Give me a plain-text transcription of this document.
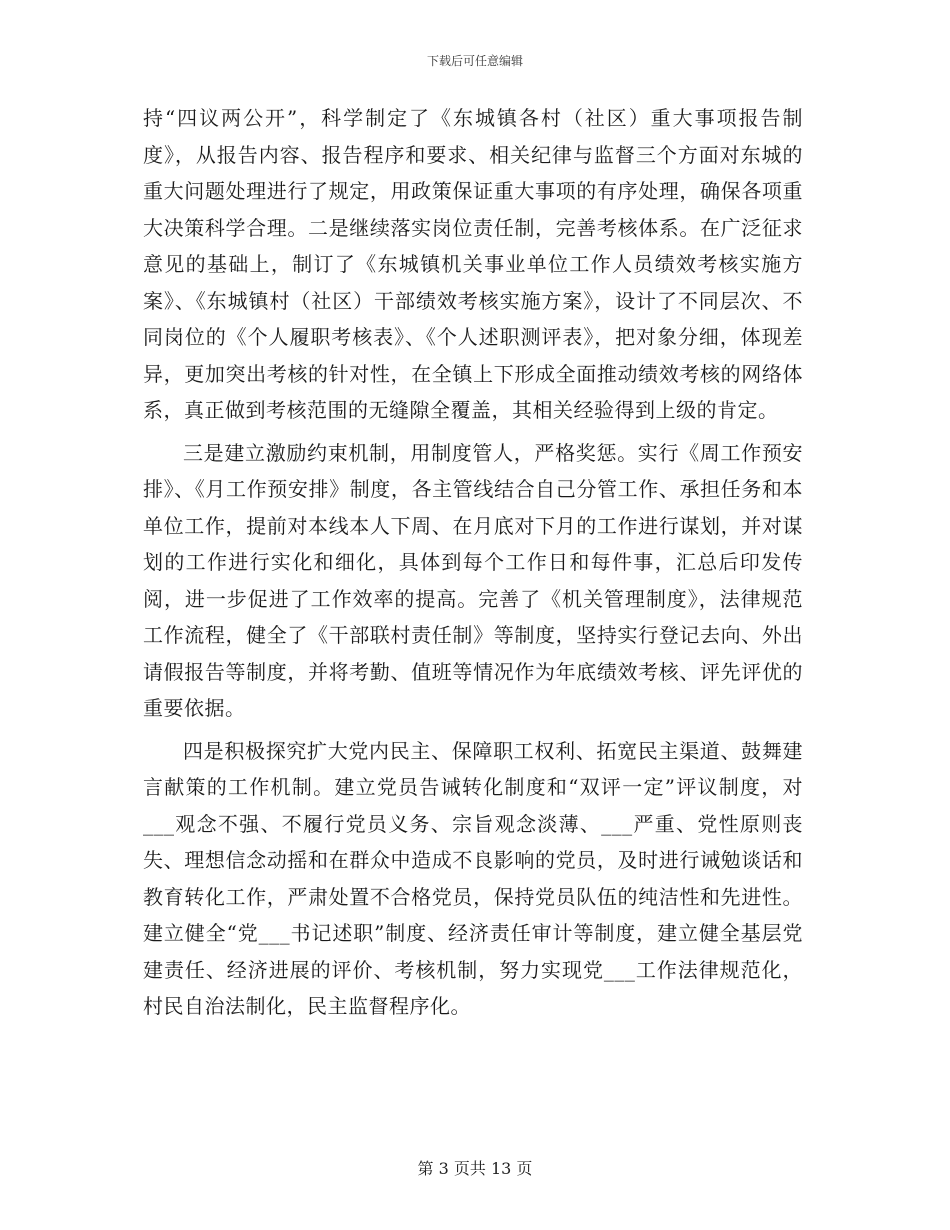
下载后可任意编辑

持“四议两公开”，科学制定了《东城镇各村（社区）重大事项报告制度》，从报告内容、报告程序和要求、相关纪律与监督三个方面对东城的重大问题处理进行了规定，用政策保证重大事项的有序处理，确保各项重大决策科学合理。二是继续落实岗位责任制，完善考核体系。在广泛征求意见的基础上，制订了《东城镇机关事业单位工作人员绩效考核实施方案》、《东城镇村（社区）干部绩效考核实施方案》，设计了不同层次、不同岗位的《个人履职考核表》、《个人述职测评表》，把对象分细，体现差异，更加突出考核的针对性，在全镇上下形成全面推动绩效考核的网络体系，真正做到考核范围的无缝隙全覆盖，其相关经验得到上级的肯定。

三是建立激励约束机制，用制度管人，严格奖惩。实行《周工作预安排》、《月工作预安排》制度，各主管线结合自己分管工作、承担任务和本单位工作，提前对本线本人下周、在月底对下月的工作进行谋划，并对谋划的工作进行实化和细化，具体到每个工作日和每件事，汇总后印发传阅，进一步促进了工作效率的提高。完善了《机关管理制度》，法律规范工作流程，健全了《干部联村责任制》等制度，坚持实行登记去向、外出请假报告等制度，并将考勤、值班等情况作为年底绩效考核、评先评优的重要依据。

四是积极探究扩大党内民主、保障职工权利、拓宽民主渠道、鼓舞建言献策的工作机制。建立党员告诫转化制度和“双评一定”评议制度，对___观念不强、不履行党员义务、宗旨观念淡薄、___严重、党性原则丧失、理想信念动摇和在群众中造成不良影响的党员，及时进行诫勉谈话和教育转化工作，严肃处置不合格党员，保持党员队伍的纯洁性和先进性。建立健全“党___书记述职”制度、经济责任审计等制度，建立健全基层党建责任、经济进展的评价、考核机制，努力实现党___工作法律规范化，村民自治法制化，民主监督程序化。

第 3 页共 13 页
